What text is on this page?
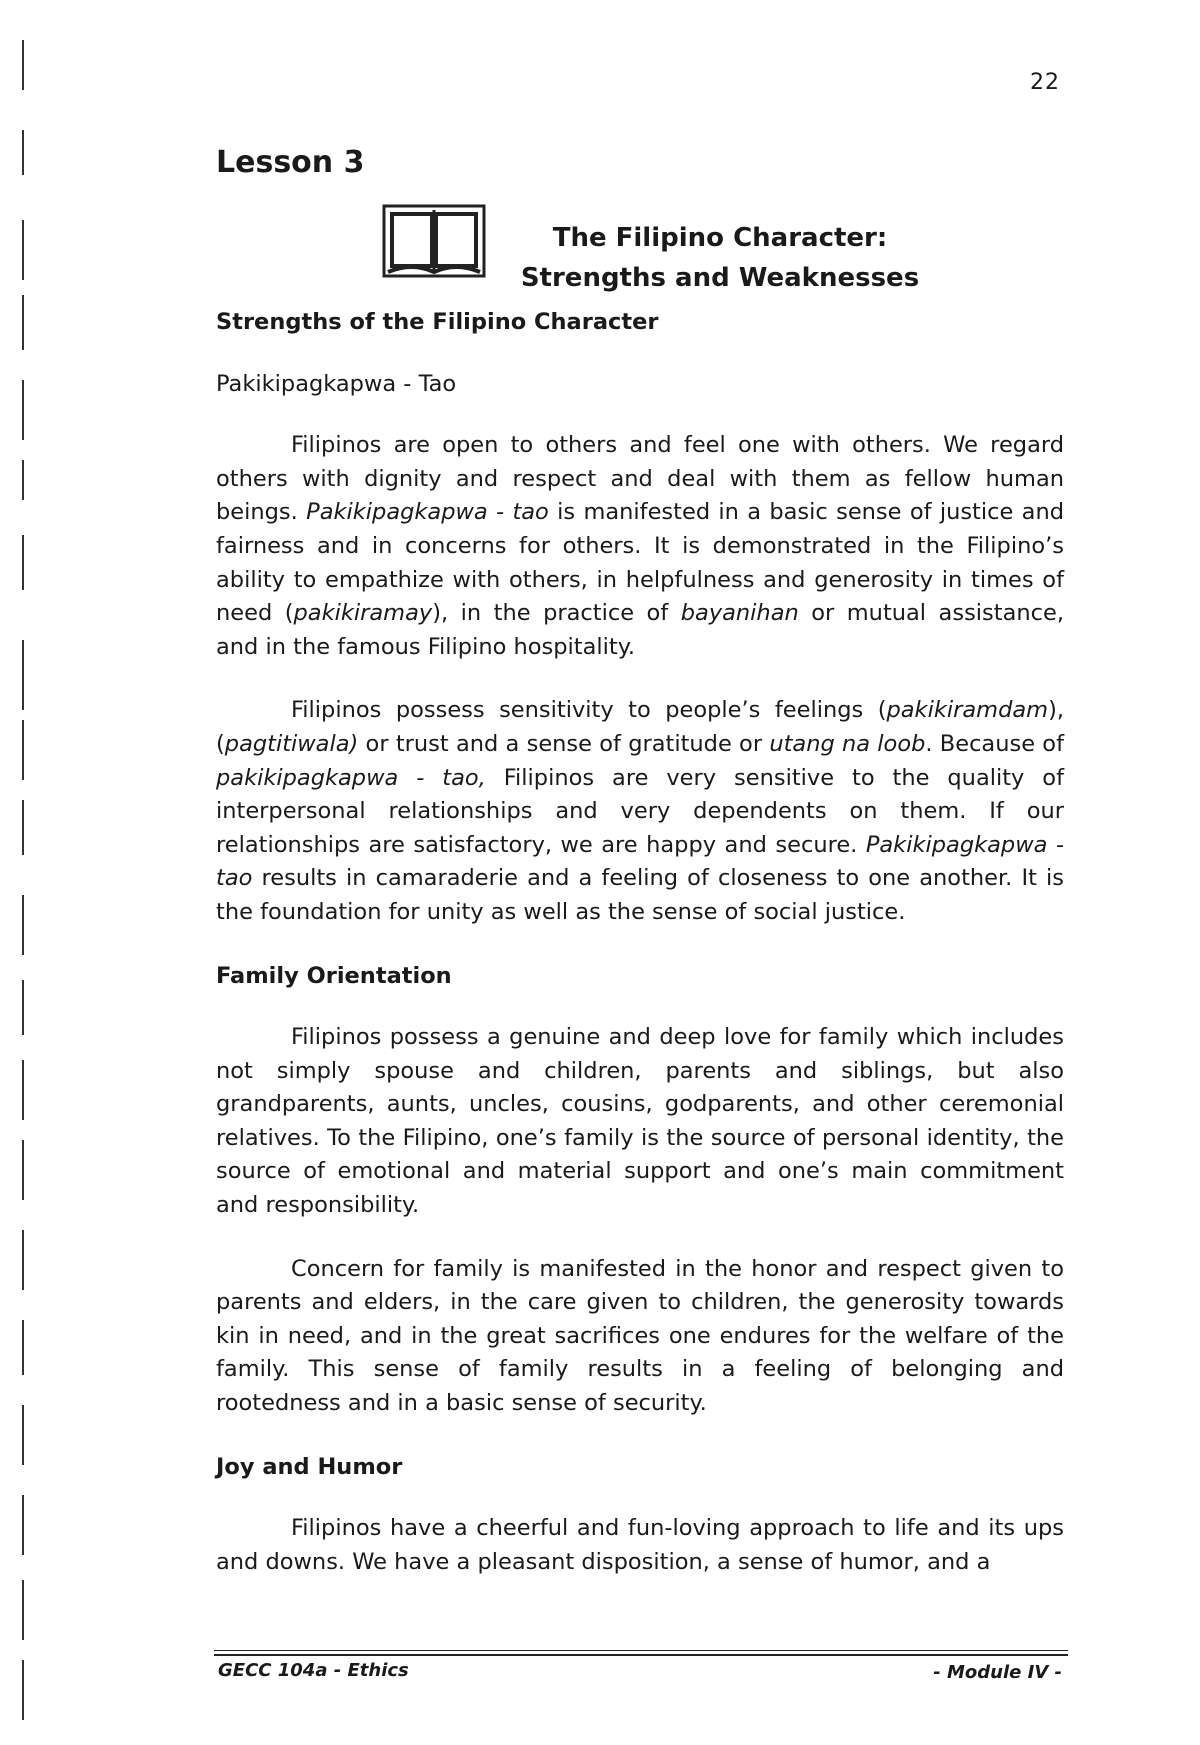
22
Lesson 3
The Filipino Character:
Strengths and Weaknesses
Strengths of the Filipino Character
Pakikipagkapwa - Tao

Filipinos are open to others and feel one with others. We regard others with dignity and respect and deal with them as fellow human beings. Pakikipagkapwa - tao is manifested in a basic sense of justice and fairness and in concerns for others. It is demonstrated in the Filipino’s ability to empathize with others, in helpfulness and generosity in times of need (pakikiramay), in the practice of bayanihan or mutual assistance, and in the famous Filipino hospitality.

Filipinos possess sensitivity to people’s feelings (pakikiramdam), (pagtitiwala) or trust and a sense of gratitude or utang na loob. Because of pakikipagkapwa - tao, Filipinos are very sensitive to the quality of interpersonal relationships and very dependents on them. If our relationships are satisfactory, we are happy and secure. Pakikipagkapwa - tao results in camaraderie and a feeling of closeness to one another. It is the foundation for unity as well as the sense of social justice.

Family Orientation

Filipinos possess a genuine and deep love for family which includes not simply spouse and children, parents and siblings, but also grandparents, aunts, uncles, cousins, godparents, and other ceremonial relatives. To the Filipino, one’s family is the source of personal identity, the source of emotional and material support and one’s main commitment and responsibility.

Concern for family is manifested in the honor and respect given to parents and elders, in the care given to children, the generosity towards kin in need, and in the great sacrifices one endures for the welfare of the family. This sense of family results in a feeling of belonging and rootedness and in a basic sense of security.

Joy and Humor

Filipinos have a cheerful and fun-loving approach to life and its ups and downs. We have a pleasant disposition, a sense of humor, and a

GECC 104a - Ethics	- Module IV -
